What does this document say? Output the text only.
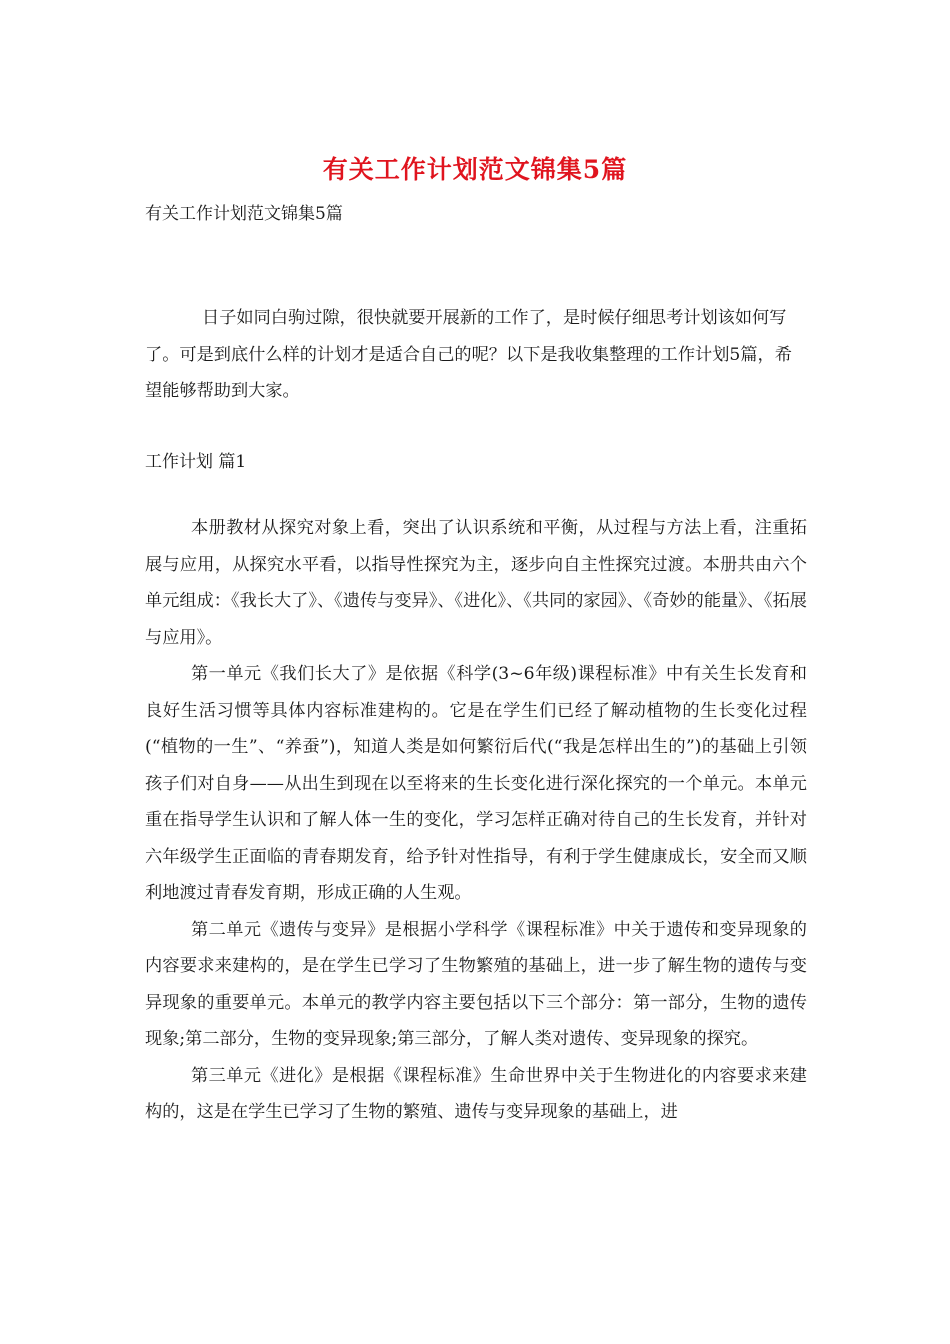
有关工作计划范文锦集5篇

有关工作计划范文锦集5篇

日子如同白驹过隙，很快就要开展新的工作了，是时候仔细思考计划该如何写了。可是到底什么样的计划才是适合自己的呢？以下是我收集整理的工作计划5篇，希望能够帮助到大家。

工作计划 篇1

本册教材从探究对象上看，突出了认识系统和平衡，从过程与方法上看，注重拓展与应用，从探究水平看，以指导性探究为主，逐步向自主性探究过渡。本册共由六个单元组成：《我长大了》、《遗传与变异》、《进化》、《共同的家园》、《奇妙的能量》、《拓展与应用》。

第一单元《我们长大了》是依据《科学(3~6年级)课程标准》中有关生长发育和良好生活习惯等具体内容标准建构的。它是在学生们已经了解动植物的生长变化过程(“植物的一生”、“养蚕”)，知道人类是如何繁衍后代(“我是怎样出生的”)的基础上引领孩子们对自身——从出生到现在以至将来的生长变化进行深化探究的一个单元。本单元重在指导学生认识和了解人体一生的变化，学习怎样正确对待自己的生长发育，并针对六年级学生正面临的青春期发育，给予针对性指导，有利于学生健康成长，安全而又顺利地渡过青春发育期，形成正确的人生观。

第二单元《遗传与变异》是根据小学科学《课程标准》中关于遗传和变异现象的内容要求来建构的，是在学生已学习了生物繁殖的基础上，进一步了解生物的遗传与变异现象的重要单元。本单元的教学内容主要包括以下三个部分：第一部分，生物的遗传现象;第二部分，生物的变异现象;第三部分，了解人类对遗传、变异现象的探究。

第三单元《进化》是根据《课程标准》生命世界中关于生物进化的内容要求来建构的，这是在学生已学习了生物的繁殖、遗传与变异现象的基础上，进
